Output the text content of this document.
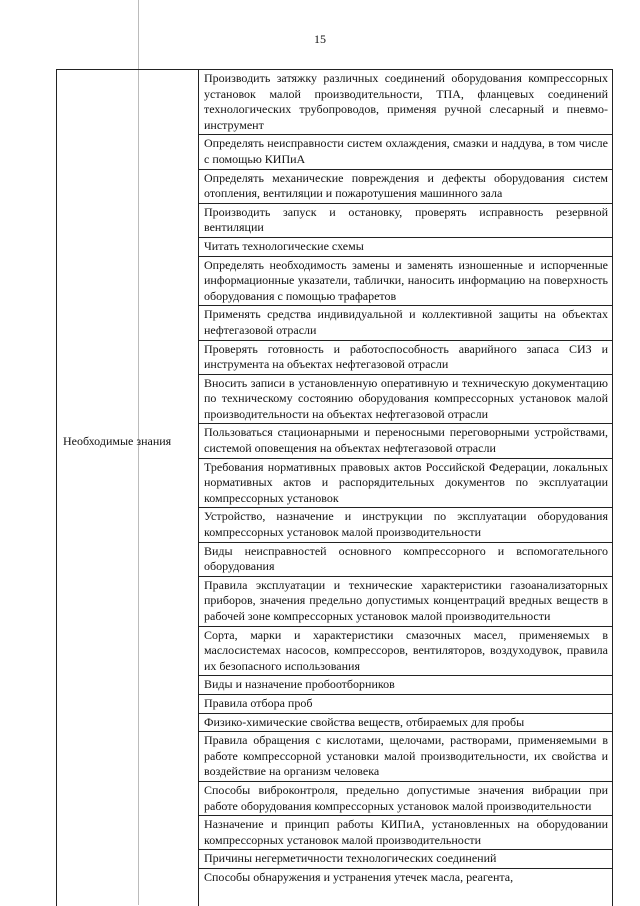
15
Необходимые знания
Производить затяжку различных соединений оборудования компрессорных установок малой производительности, ТПА, фланцевых соединений технологических трубопроводов, применяя ручной слесарный и пневмо-инструмент
Определять неисправности систем охлаждения, смазки и наддува, в том числе с помощью КИПиА
Определять механические повреждения и дефекты оборудования систем отопления, вентиляции и пожаротушения машинного зала
Производить запуск и остановку, проверять исправность резервной вентиляции
Читать технологические схемы
Определять необходимость замены и заменять изношенные и испорченные информационные указатели, таблички, наносить информацию на поверхность оборудования с помощью трафаретов
Применять средства индивидуальной и коллективной защиты на объектах нефтегазовой отрасли
Проверять готовность и работоспособность аварийного запаса СИЗ и инструмента на объектах нефтегазовой отрасли
Вносить записи в установленную оперативную и техническую документацию по техническому состоянию оборудования компрессорных установок малой производительности на объектах нефтегазовой отрасли
Пользоваться стационарными и переносными переговорными устройствами, системой оповещения на объектах нефтегазовой отрасли
Требования нормативных правовых актов Российской Федерации, локальных нормативных актов и распорядительных документов по эксплуатации компрессорных установок
Устройство, назначение и инструкции по эксплуатации оборудования компрессорных установок малой производительности
Виды неисправностей основного компрессорного и вспомогательного оборудования
Правила эксплуатации и технические характеристики газоанализаторных приборов, значения предельно допустимых концентраций вредных веществ в рабочей зоне компрессорных установок малой производительности
Сорта, марки и характеристики смазочных масел, применяемых в маслосистемах насосов, компрессоров, вентиляторов, воздуходувок, правила их безопасного использования
Виды и назначение пробоотборников
Правила отбора проб
Физико-химические свойства веществ, отбираемых для пробы
Правила обращения с кислотами, щелочами, растворами, применяемыми в работе компрессорной установки малой производительности, их свойства и воздействие на организм человека
Способы виброконтроля, предельно допустимые значения вибрации при работе оборудования компрессорных установок малой производительности
Назначение и принцип работы КИПиА, установленных на оборудовании компрессорных установок малой производительности
Причины негерметичности технологических соединений
Способы обнаружения и устранения утечек масла, реагента,
